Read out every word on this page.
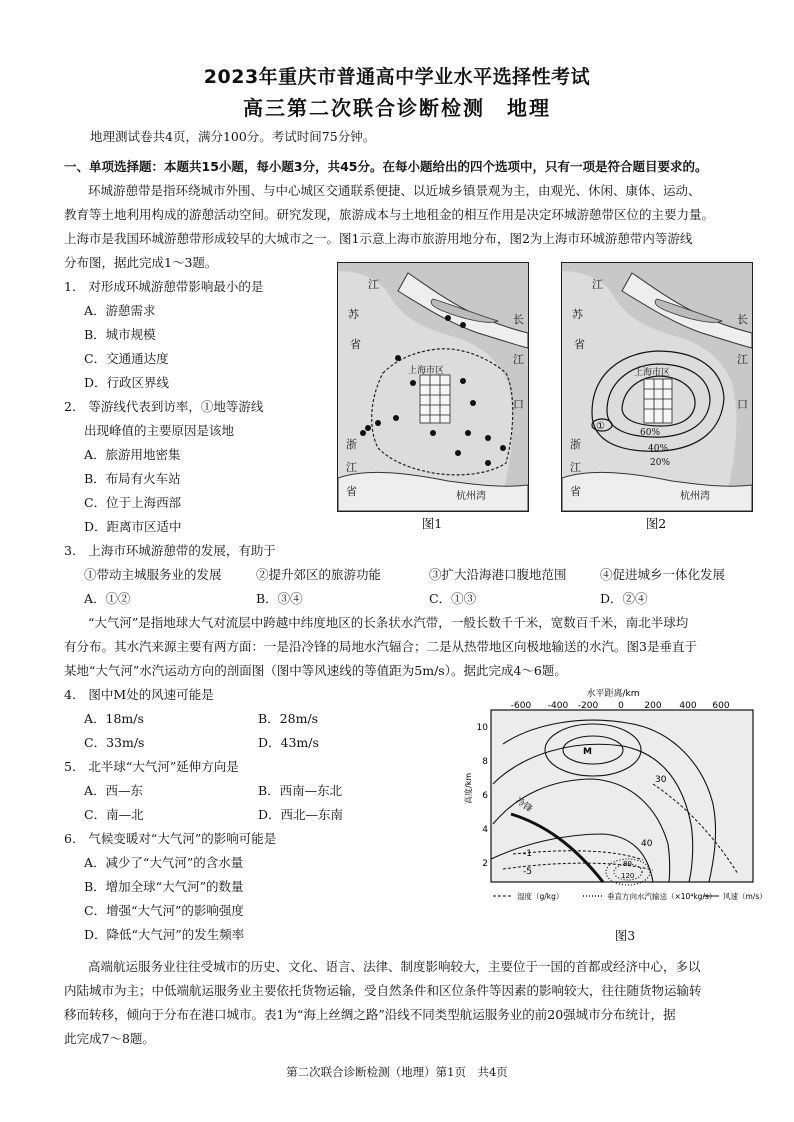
2023年重庆市普通高中学业水平选择性考试
高三第二次联合诊断检测　地理
地理测试卷共4页，满分100分。考试时间75分钟。
一、单项选择题：本题共15小题，每小题3分，共45分。在每小题给出的四个选项中，只有一项是符合题目要求的。
环城游憩带是指环绕城市外围、与中心城区交通联系便捷、以近城乡镇景观为主，由观光、休闲、康体、运动、
教育等土地利用构成的游憩活动空间。研究发现，旅游成本与土地租金的相互作用是决定环城游憩带区位的主要力量。
上海市是我国环城游憩带形成较早的大城市之一。图1示意上海市旅游用地分布，图2为上海市环城游憩带内等游线
分布图，据此完成1～3题。
1.　对形成环城游憩带影响最小的是
A．游憩需求
B．城市规模
C．交通通达度
D．行政区界线
2.　等游线代表到访率，①地等游线
出现峰值的主要原因是该地
A．旅游用地密集
B．布局有火车站
C．位于上海西部
D．距离市区适中
江
苏
省
长
江
口
上海市区
浙
江
省	杭州湾
图1
江
苏
省
长
江
口
上海市区
浙
江
省	杭州湾
①
60%
40%
20%
图2
3.　上海市环城游憩带的发展，有助于
①带动主城服务业的发展	②提升郊区的旅游功能	③扩大沿海港口腹地范围	④促进城乡一体化发展
A．①②	B．③④	C．①③	D．②④
“大气河”是指地球大气对流层中跨越中纬度地区的长条状水汽带，一般长数千千米，宽数百千米，南北半球均
有分布。其水汽来源主要有两方面：一是沿冷锋的局地水汽辐合；二是从热带地区向极地输送的水汽。图3是垂直于
某地“大气河”水汽运动方向的剖面图（图中等风速线的等值距为5m/s）。据此完成4～6题。
4.　图中M处的风速可能是
A．18m/s	B．28m/s
C．33m/s	D．43m/s
5.　北半球“大气河”延伸方向是
A．西—东	B．西南—东北
C．南—北	D．西北—东南
6.　气候变暖对“大气河”的影响可能是
A．减少了“大气河”的含水量
B．增加全球“大气河”的数量
C．增强“大气河”的影响强度
D．降低“大气河”的发生频率
水平距离/km
-600 -400 -200 0 200 400 600
10
8
6
4
2
高度/km
冷锋
30
40
M
-1
-5
80
120
湿度（g/kg）	垂直方向水汽输送（×10⁴kg/s） 风速（m/s）
图3
高端航运服务业往往受城市的历史、文化、语言、法律、制度影响较大，主要位于一国的首都或经济中心，多以
内陆城市为主；中低端航运服务业主要依托货物运输，受自然条件和区位条件等因素的影响较大，往往随货物运输转
移而转移，倾向于分布在港口城市。表1为“海上丝绸之路”沿线不同类型航运服务业的前20强城市分布统计，据
此完成7～8题。
第二次联合诊断检测（地理）第1页　共4页
